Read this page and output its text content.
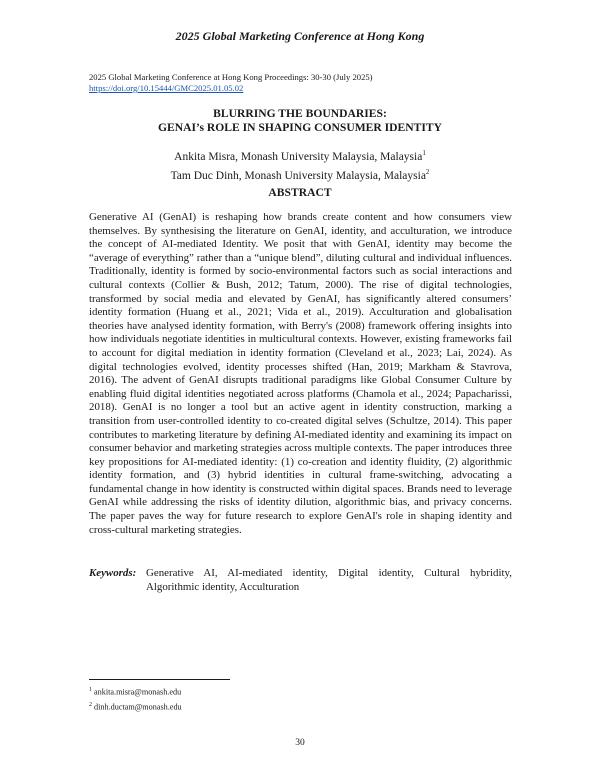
2025 Global Marketing Conference at Hong Kong
2025 Global Marketing Conference at Hong Kong Proceedings: 30-30 (July 2025)
https://doi.org/10.15444/GMC2025.01.05.02
BLURRING THE BOUNDARIES:
GENAI’s ROLE IN SHAPING CONSUMER IDENTITY
Ankita Misra, Monash University Malaysia, Malaysia$^1$
Tam Duc Dinh, Monash University Malaysia, Malaysia$^2$
ABSTRACT

Generative AI (GenAI) is reshaping how brands create content and how consumers view themselves. By synthesising the literature on GenAI, identity, and acculturation, we introduce the concept of AI-mediated Identity. We posit that with GenAI, identity may become the “average of everything” rather than a “unique blend”, diluting cultural and individual influences. Traditionally, identity is formed by socio-environmental factors such as social interactions and cultural contexts (Collier & Bush, 2012; Tatum, 2000). The rise of digital technologies, transformed by social media and elevated by GenAI, has significantly altered consumers’ identity formation (Huang et al., 2021; Vida et al., 2019). Acculturation and globalisation theories have analysed identity formation, with Berry's (2008) framework offering insights into how individuals negotiate identities in multicultural contexts. However, existing frameworks fail to account for digital mediation in identity formation (Cleveland et al., 2023; Lai, 2024). As digital technologies evolved, identity processes shifted (Han, 2019; Markham & Stavrova, 2016). The advent of GenAI disrupts traditional paradigms like Global Consumer Culture by enabling fluid digital identities negotiated across platforms (Chamola et al., 2024; Papacharissi, 2018). GenAI is no longer a tool but an active agent in identity construction, marking a transition from user-controlled identity to co-created digital selves (Schultze, 2014). This paper contributes to marketing literature by defining AI-mediated identity and examining its impact on consumer behavior and marketing strategies across multiple contexts. The paper introduces three key propositions for AI-mediated identity: (1) co-creation and identity fluidity, (2) algorithmic identity formation, and (3) hybrid identities in cultural frame-switching, advocating a fundamental change in how identity is constructed within digital spaces. Brands need to leverage GenAI while addressing the risks of identity dilution, algorithmic bias, and privacy concerns. The paper paves the way for future research to explore GenAI's role in shaping identity and cross-cultural marketing strategies.

Keywords: Generative AI, AI-mediated identity, Digital identity, Cultural hybridity, Algorithmic identity, Acculturation
$^1$ ankita.misra@monash.edu
$^2$ dinh.ductam@monash.edu
30
